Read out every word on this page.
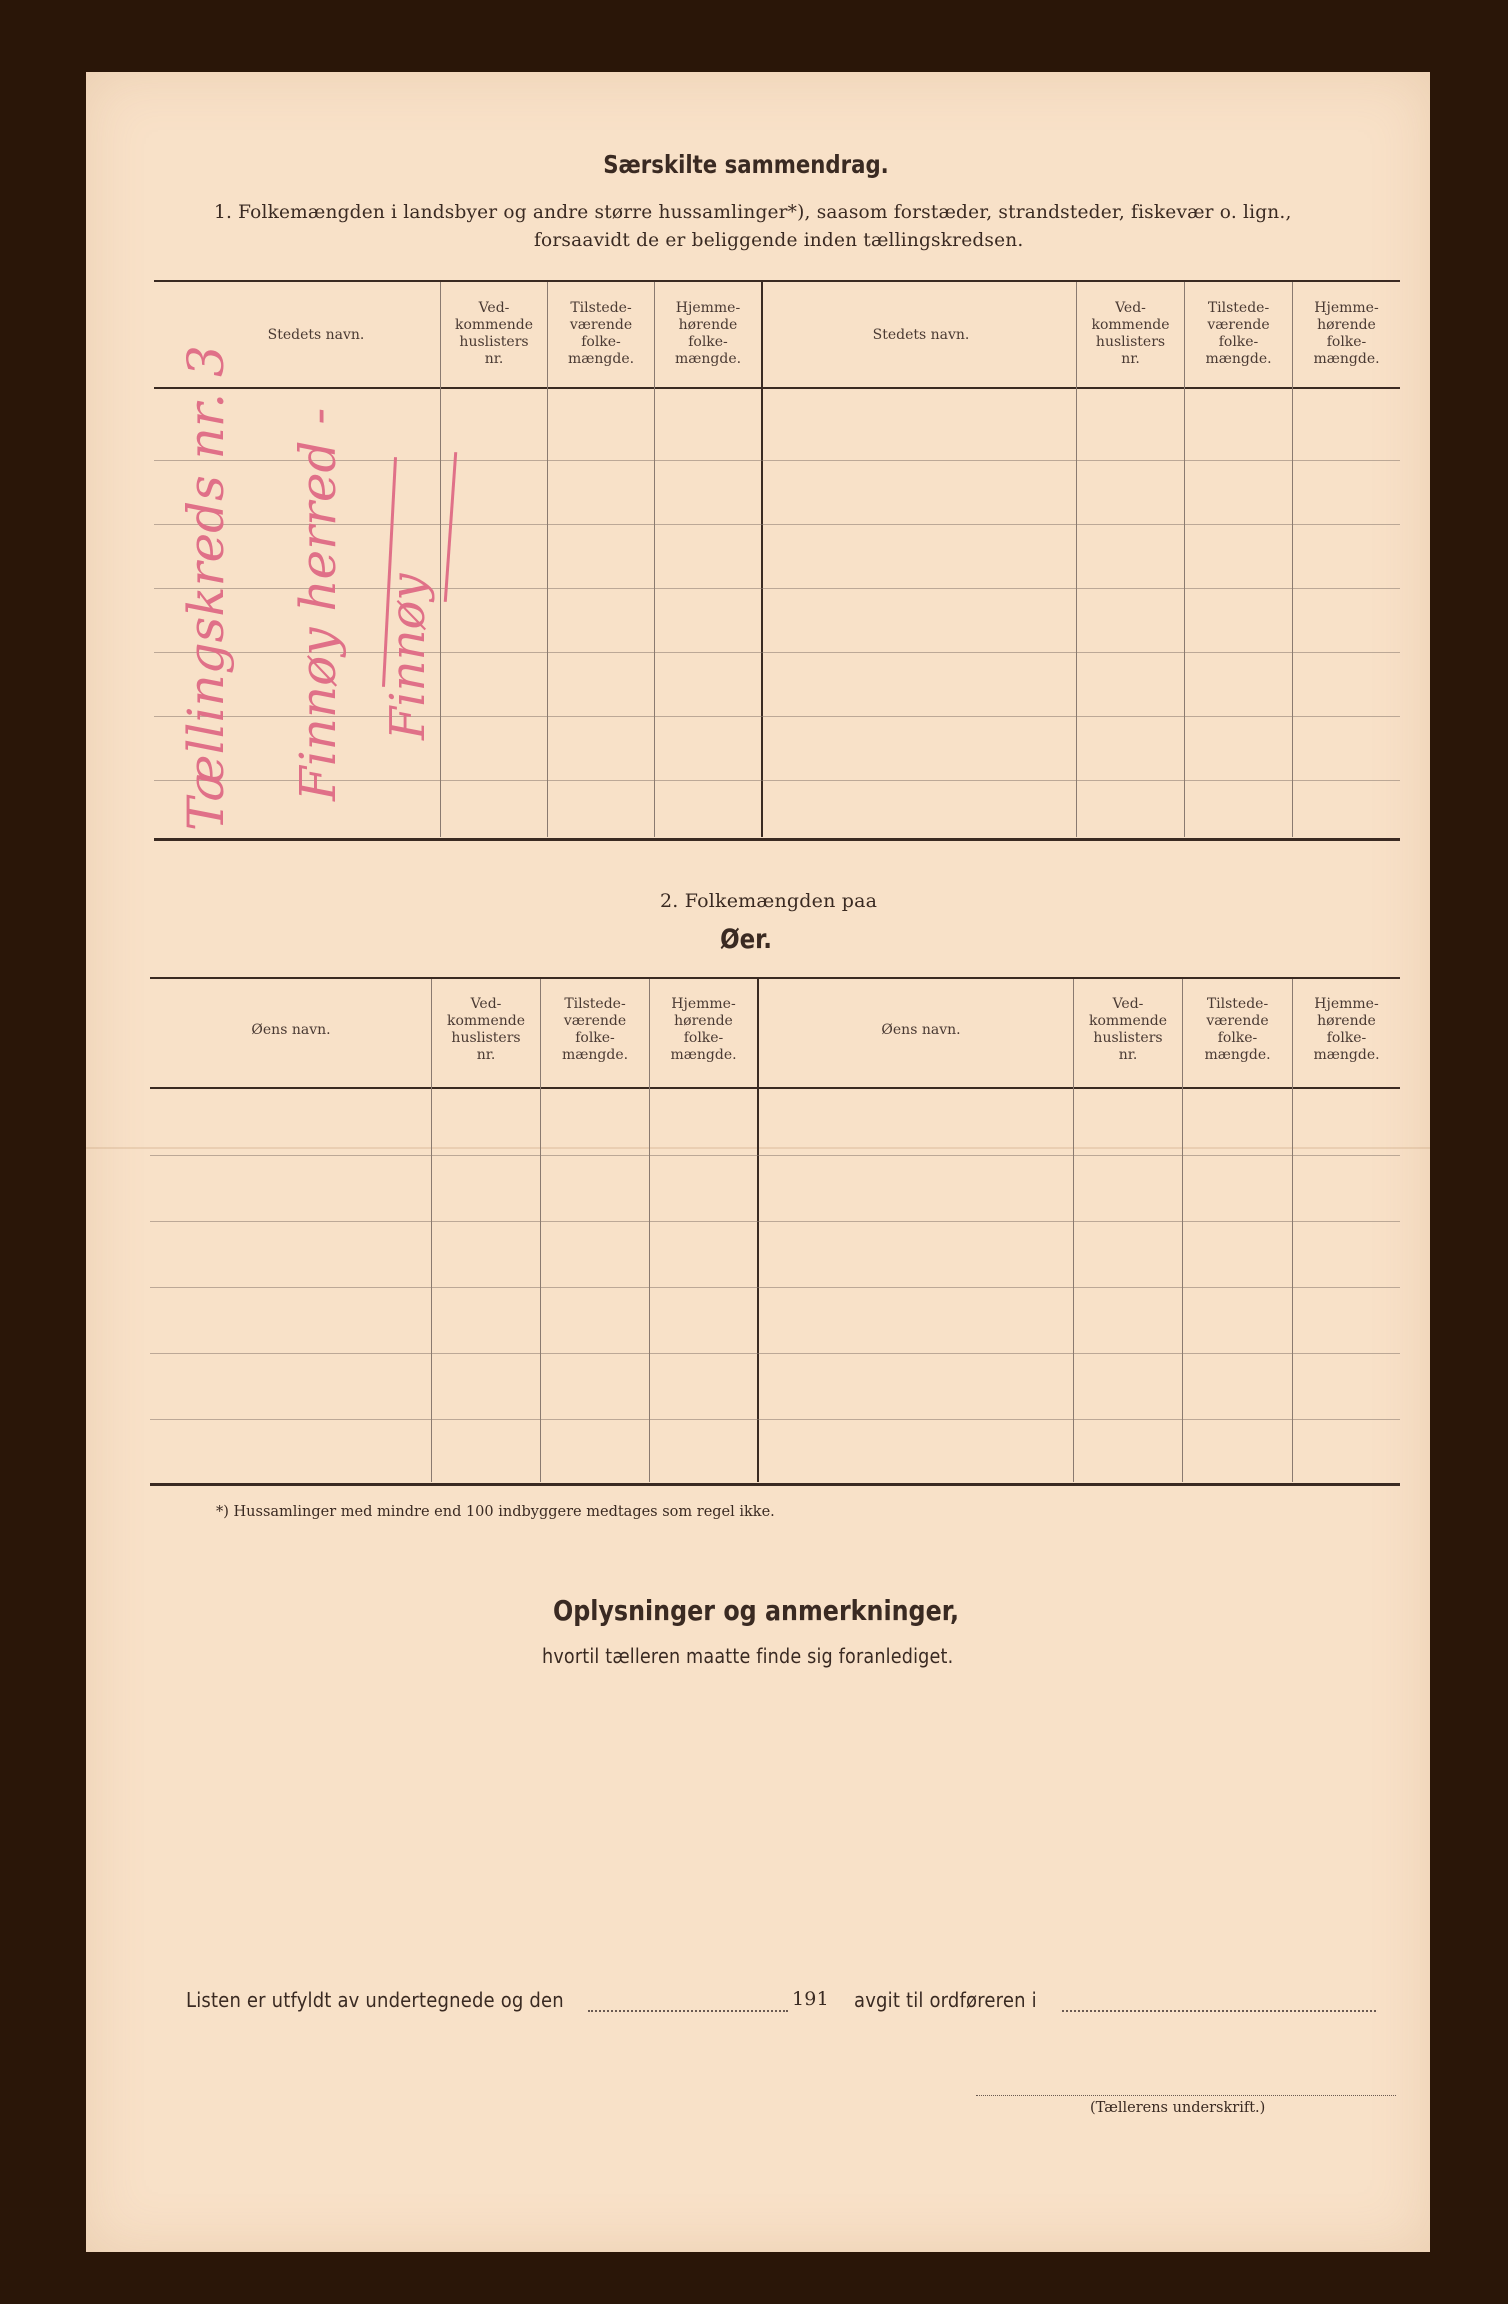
Særskilte sammendrag.
1. Folkemængden i landsbyer og andre større hussamlinger*), saasom forstæder, strandsteder, fiskevær o. lign.,
forsaavidt de er beliggende inden tællingskredsen.
Stedets navn.
Ved-
kommende
huslisters
nr.
Tilstede-
værende
folke-
mængde.
Hjemme-
hørende
folke-
mængde.
Stedets navn.
Ved-
kommende
huslisters
nr.
Tilstede-
værende
folke-
mængde.
Hjemme-
hørende
folke-
mængde.
Tællingskreds nr. 3 Finnøy herred - Finnøy
2. Folkemængden paa
Øer.
Øens navn.
Ved-
kommende
huslisters
nr.
Tilstede-
værende
folke-
mængde.
Hjemme-
hørende
folke-
mængde.
Øens navn.
Ved-
kommende
huslisters
nr.
Tilstede-
værende
folke-
mængde.
Hjemme-
hørende
folke-
mængde.
*) Hussamlinger med mindre end 100 indbyggere medtages som regel ikke.
Oplysninger og anmerkninger,
hvortil tælleren maatte finde sig foranlediget.
Listen er utfyldt av undertegnede og den	191 avgit til ordføreren i
(Tællerens underskrift.)
